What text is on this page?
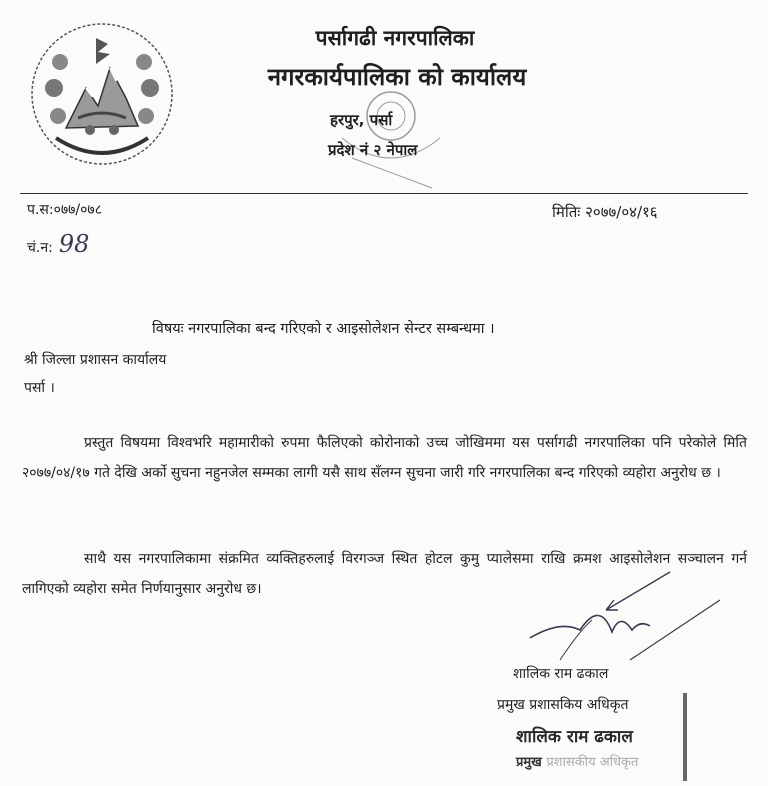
पर्सागढी नगरपालिका
नगरकार्यपालिका को कार्यालय
हरपुर, पर्सा
प्रदेश नं २ नेपाल
प.स:०७७/०७८
चं.न: 98
मितिः २०७७/०४/१६
विषयः नगरपालिका बन्द गरिएको र आइसोलेशन सेन्टर सम्बन्धमा ।
श्री जिल्ला प्रशासन कार्यालय
पर्सा ।
प्रस्तुत विषयमा विश्वभरि महामारीको रुपमा फैलिएको कोरोनाको उच्च जोखिममा यस पर्सागढी नगरपालिका पनि परेकोले मिति २०७७/०४/१७ गते देखि अर्को सुचना नहुनजेल सम्मका लागी यसै साथ सँलग्न सुचना जारी गरि नगरपालिका बन्द गरिएको व्यहोरा अनुरोध छ ।
साथै यस नगरपालिकामा संक्रमित व्यक्तिहरुलाई विरगञ्ज स्थित होटल कुमु प्यालेसमा राखि क्रमश आइसोलेशन सञ्चालन गर्न लागिएको व्यहोरा समेत निर्णयानुसार अनुरोध छ।
शालिक राम ढकाल
प्रमुख प्रशासकिय अधिकृत
शालिक राम ढकाल
प्रमुख प्रशासकीय अधिकृत
